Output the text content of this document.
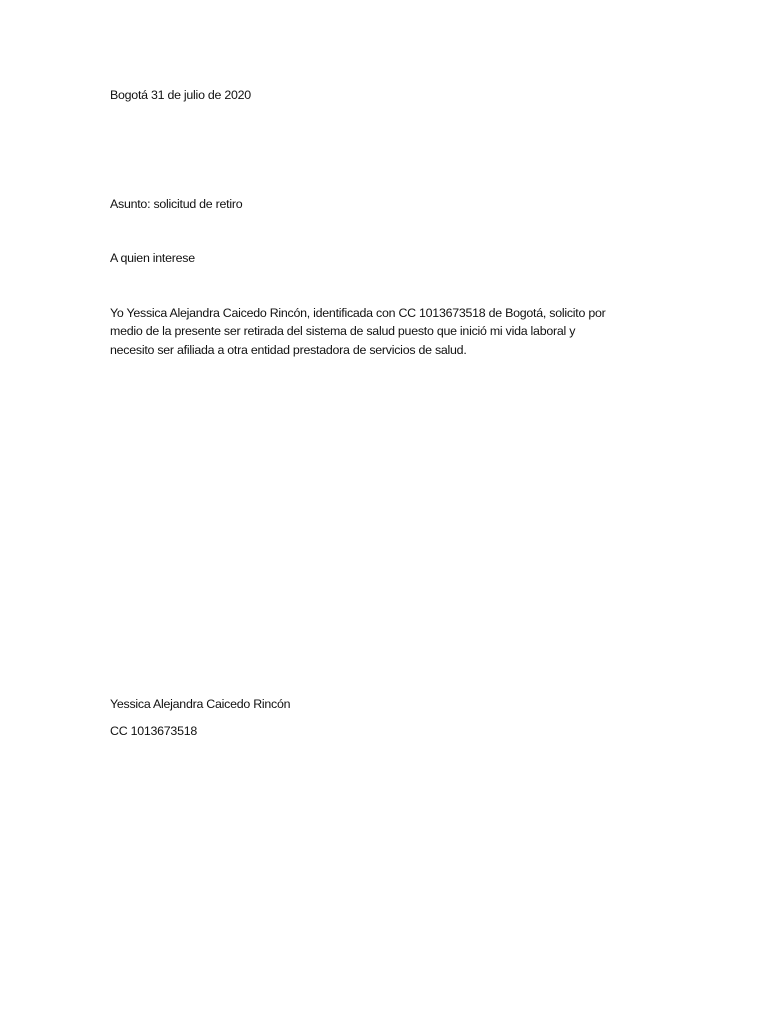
Bogotá 31 de julio de 2020
Asunto: solicitud de retiro
A quien interese
Yo Yessica Alejandra Caicedo Rincón, identificada con CC 1013673518 de Bogotá, solicito por
medio de la presente ser retirada del sistema de salud puesto que inició mi vida laboral y
necesito ser afiliada a otra entidad prestadora de servicios de salud.
Yessica Alejandra Caicedo Rincón
CC 1013673518
